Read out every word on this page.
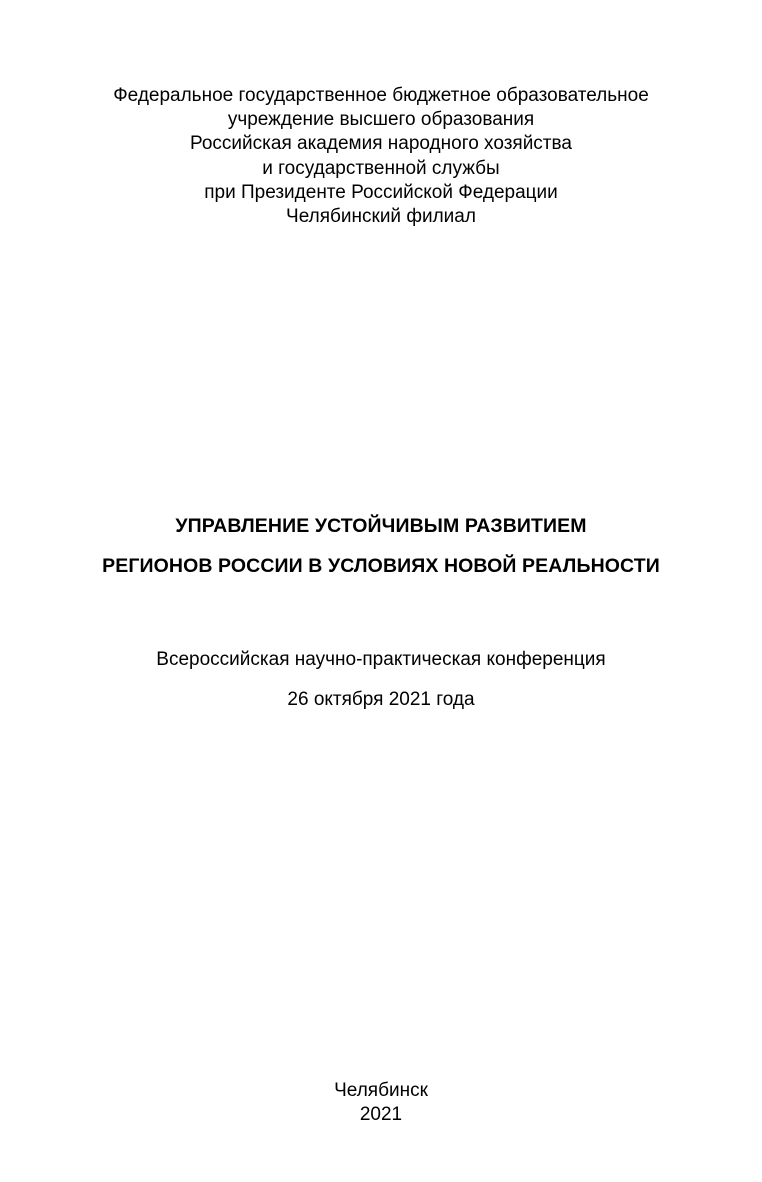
Федеральное государственное бюджетное образовательное
учреждение высшего образования
Российская академия народного хозяйства
и государственной службы
при Президенте Российской Федерации
Челябинский филиал
УПРАВЛЕНИЕ УСТОЙЧИВЫМ РАЗВИТИЕМ
РЕГИОНОВ РОССИИ В УСЛОВИЯХ НОВОЙ РЕАЛЬНОСТИ
Всероссийская научно-практическая конференция
26 октября 2021 года
Челябинск
2021
